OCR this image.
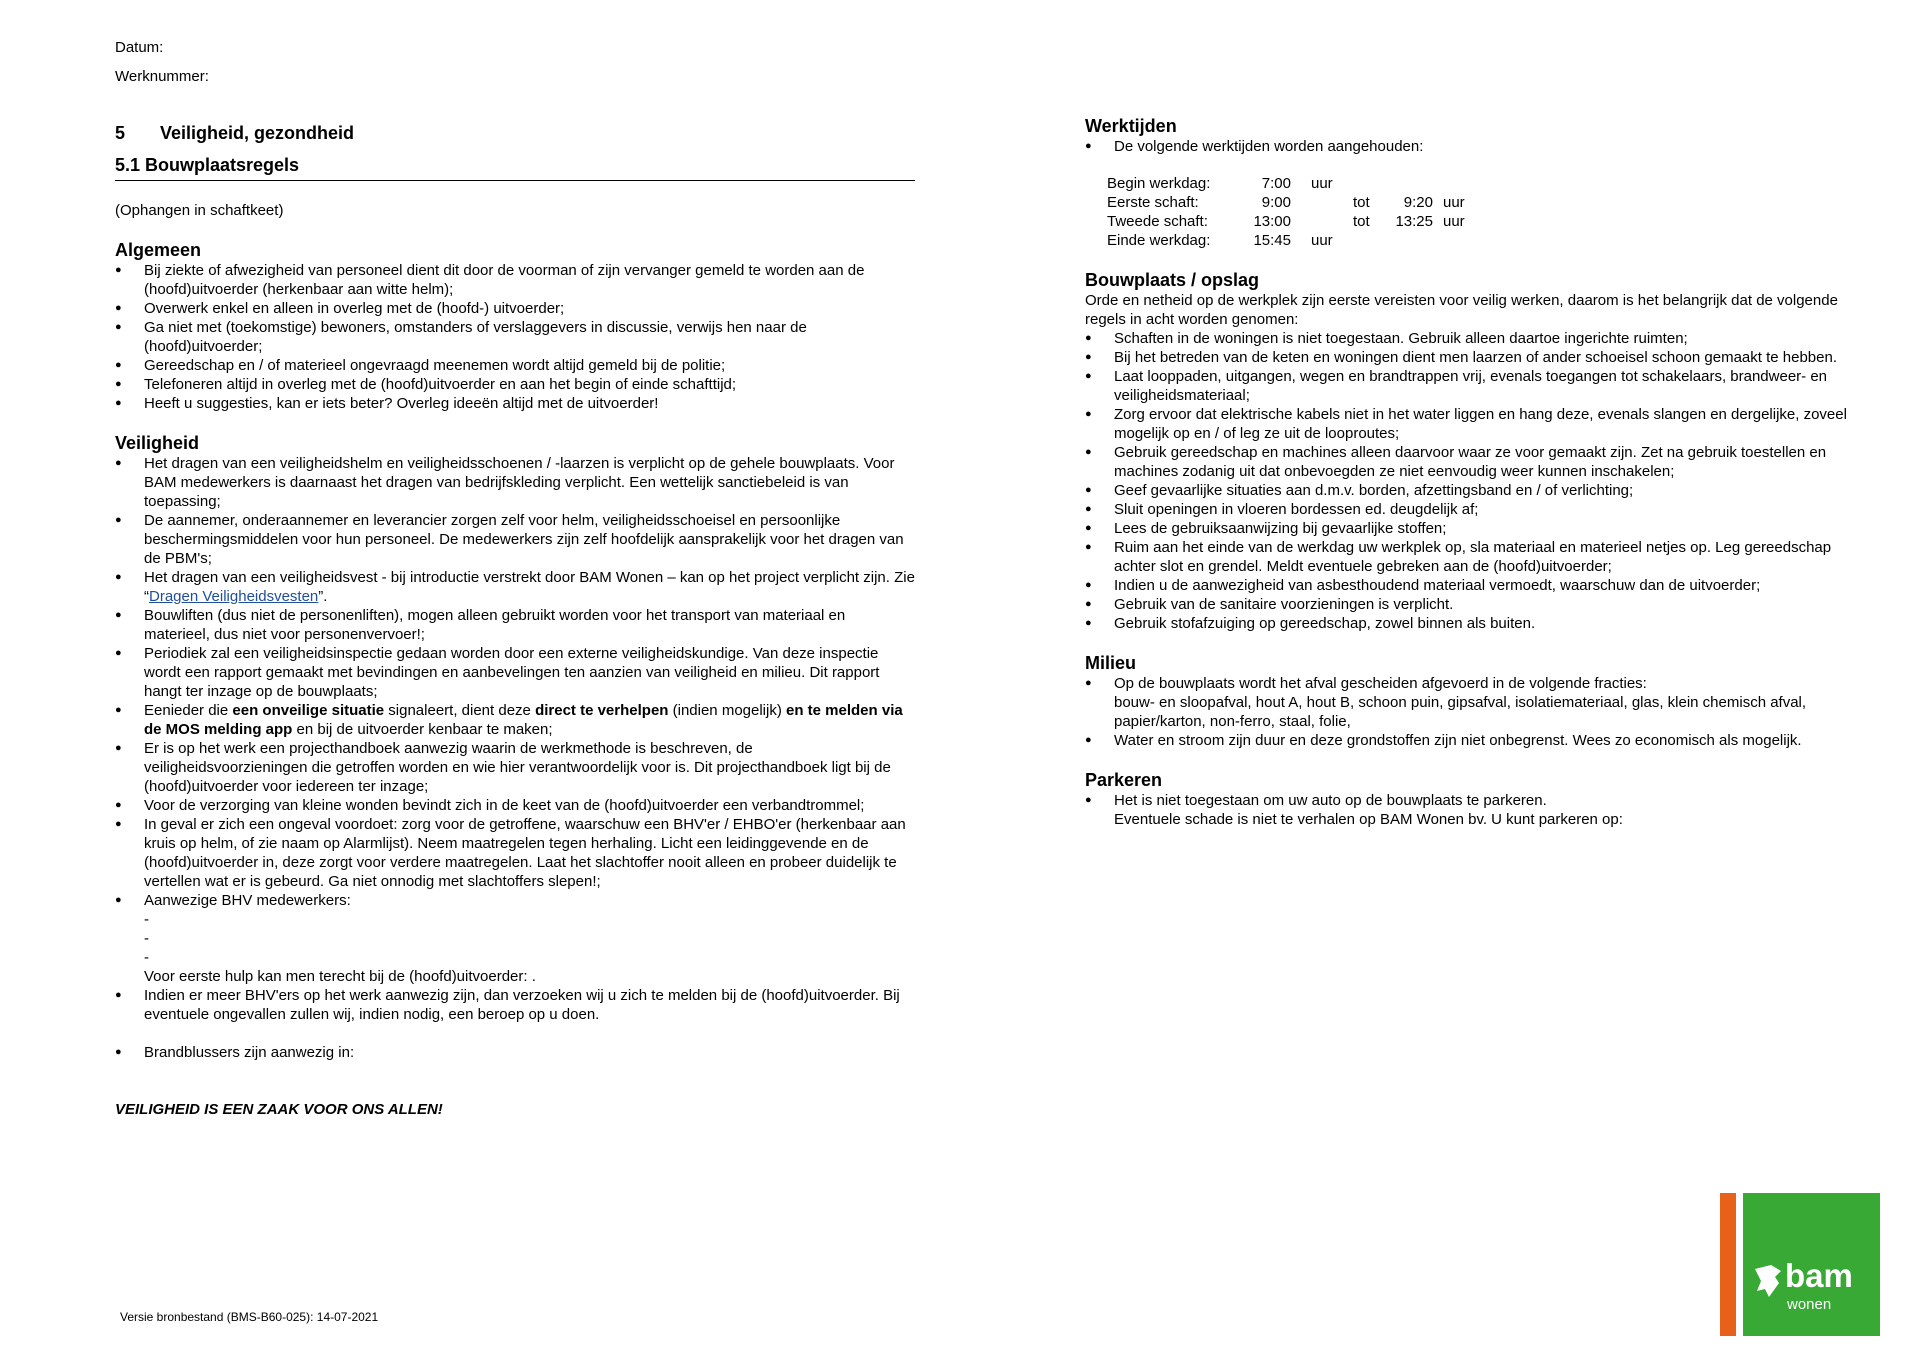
Datum:
Werknummer:
5 Veiligheid, gezondheid
5.1 Bouwplaatsregels
(Ophangen in schaftkeet)
Algemeen
● Bij ziekte of afwezigheid van personeel dient dit door de voorman of zijn vervanger gemeld te worden aan de (hoofd)uitvoerder (herkenbaar aan witte helm);
● Overwerk enkel en alleen in overleg met de (hoofd-) uitvoerder;
● Ga niet met (toekomstige) bewoners, omstanders of verslaggevers in discussie, verwijs hen naar de (hoofd)uitvoerder;
● Gereedschap en / of materieel ongevraagd meenemen wordt altijd gemeld bij de politie;
● Telefoneren altijd in overleg met de (hoofd)uitvoerder en aan het begin of einde schafttijd;
● Heeft u suggesties, kan er iets beter? Overleg ideeën altijd met de uitvoerder!
Veiligheid
● Het dragen van een veiligheidshelm en veiligheidsschoenen / -laarzen is verplicht op de gehele bouwplaats. Voor BAM medewerkers is daarnaast het dragen van bedrijfskleding verplicht. Een wettelijk sanctiebeleid is van toepassing;
● De aannemer, onderaannemer en leverancier zorgen zelf voor helm, veiligheidsschoeisel en persoonlijke beschermingsmiddelen voor hun personeel. De medewerkers zijn zelf hoofdelijk aansprakelijk voor het dragen van de PBM's;
● Het dragen van een veiligheidsvest - bij introductie verstrekt door BAM Wonen – kan op het project verplicht zijn. Zie “Dragen Veiligheidsvesten”.
● Bouwliften (dus niet de personenliften), mogen alleen gebruikt worden voor het transport van materiaal en materieel, dus niet voor personenvervoer!;
● Periodiek zal een veiligheidsinspectie gedaan worden door een externe veiligheidskundige. Van deze inspectie wordt een rapport gemaakt met bevindingen en aanbevelingen ten aanzien van veiligheid en milieu. Dit rapport hangt ter inzage op de bouwplaats;
● Eenieder die een onveilige situatie signaleert, dient deze direct te verhelpen (indien mogelijk) en te melden via de MOS melding app en bij de uitvoerder kenbaar te maken;
● Er is op het werk een projecthandboek aanwezig waarin de werkmethode is beschreven, de veiligheidsvoorzieningen die getroffen worden en wie hier verantwoordelijk voor is. Dit projecthandboek ligt bij de (hoofd)uitvoerder voor iedereen ter inzage;
● Voor de verzorging van kleine wonden bevindt zich in de keet van de (hoofd)uitvoerder een verbandtrommel;
● In geval er zich een ongeval voordoet: zorg voor de getroffene, waarschuw een BHV'er / EHBO'er (herkenbaar aan kruis op helm, of zie naam op Alarmlijst). Neem maatregelen tegen herhaling. Licht een leidinggevende en de (hoofd)uitvoerder in, deze zorgt voor verdere maatregelen. Laat het slachtoffer nooit alleen en probeer duidelijk te vertellen wat er is gebeurd. Ga niet onnodig met slachtoffers slepen!;
● Aanwezige BHV medewerkers:
-
-
-
Voor eerste hulp kan men terecht bij de (hoofd)uitvoerder: .
● Indien er meer BHV'ers op het werk aanwezig zijn, dan verzoeken wij u zich te melden bij de (hoofd)uitvoerder. Bij eventuele ongevallen zullen wij, indien nodig, een beroep op u doen.
● Brandblussers zijn aanwezig in:
VEILIGHEID IS EEN ZAAK VOOR ONS ALLEN!
Werktijden
● De volgende werktijden worden aangehouden:
Begin werkdag:	7:00	uur			
Eerste schaft:	9:00		tot	9:20	uur
Tweede schaft:	13:00		tot	13:25	uur
Einde werkdag:	15:45	uur			
Bouwplaats / opslag
Orde en netheid op de werkplek zijn eerste vereisten voor veilig werken, daarom is het belangrijk dat de volgende regels in acht worden genomen:
● Schaften in de woningen is niet toegestaan. Gebruik alleen daartoe ingerichte ruimten;
● Bij het betreden van de keten en woningen dient men laarzen of ander schoeisel schoon gemaakt te hebben.
● Laat looppaden, uitgangen, wegen en brandtrappen vrij, evenals toegangen tot schakelaars, brandweer- en veiligheidsmateriaal;
● Zorg ervoor dat elektrische kabels niet in het water liggen en hang deze, evenals slangen en dergelijke, zoveel mogelijk op en / of leg ze uit de looproutes;
● Gebruik gereedschap en machines alleen daarvoor waar ze voor gemaakt zijn. Zet na gebruik toestellen en machines zodanig uit dat onbevoegden ze niet eenvoudig weer kunnen inschakelen;
● Geef gevaarlijke situaties aan d.m.v. borden, afzettingsband en / of verlichting;
● Sluit openingen in vloeren bordessen ed. deugdelijk af;
● Lees de gebruiksaanwijzing bij gevaarlijke stoffen;
● Ruim aan het einde van de werkdag uw werkplek op, sla materiaal en materieel netjes op. Leg gereedschap achter slot en grendel. Meldt eventuele gebreken aan de (hoofd)uitvoerder;
● Indien u de aanwezigheid van asbesthoudend materiaal vermoedt, waarschuw dan de uitvoerder;
● Gebruik van de sanitaire voorzieningen is verplicht.
● Gebruik stofafzuiging op gereedschap, zowel binnen als buiten.
Milieu
● Op de bouwplaats wordt het afval gescheiden afgevoerd in de volgende fracties:
bouw- en sloopafval, hout A, hout B, schoon puin, gipsafval, isolatiemateriaal, glas, klein chemisch afval, papier/karton, non-ferro, staal, folie,
● Water en stroom zijn duur en deze grondstoffen zijn niet onbegrenst. Wees zo economisch als mogelijk.
Parkeren
● Het is niet toegestaan om uw auto op de bouwplaats te parkeren.
Eventuele schade is niet te verhalen op BAM Wonen bv. U kunt parkeren op:
Versie bronbestand (BMS-B60-025): 14-07-2021
bam
wonen
